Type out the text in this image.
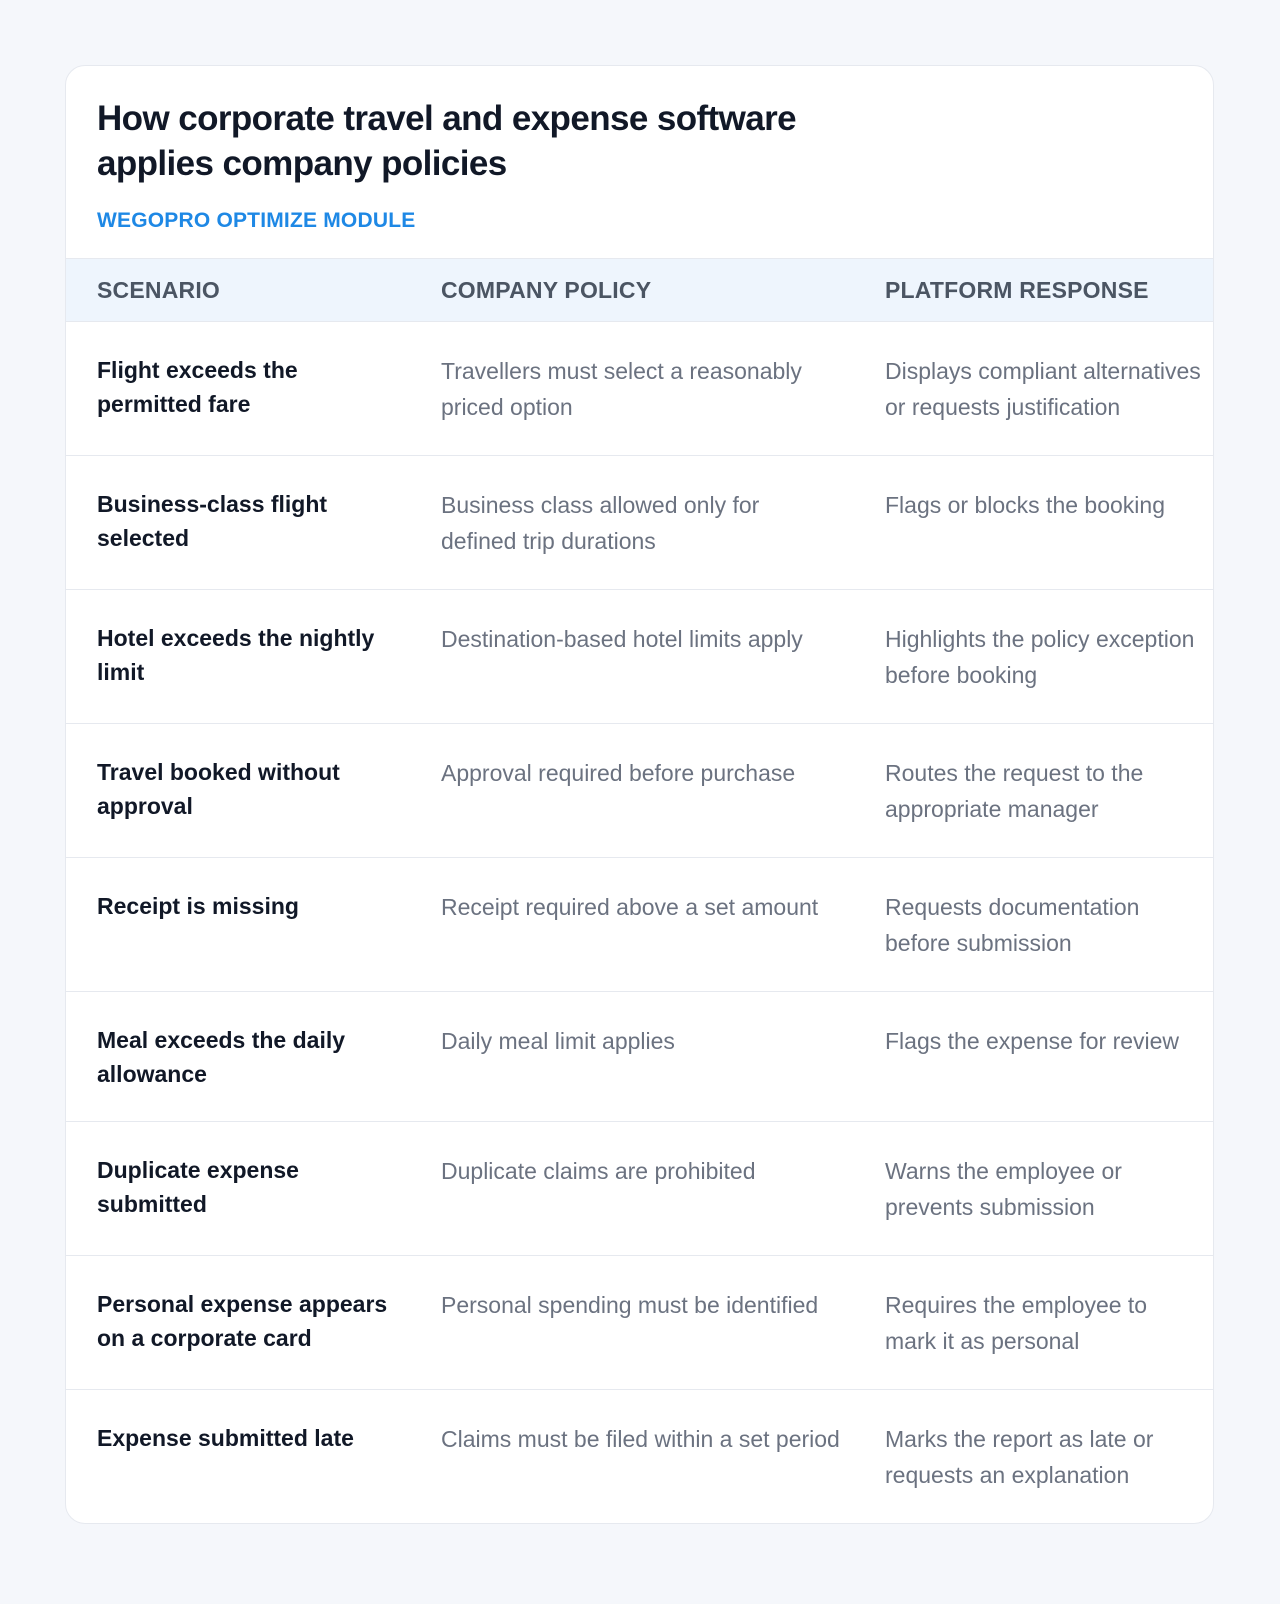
How corporate travel and expense software applies company policies
WEGOPRO OPTIMIZE MODULE
SCENARIO	COMPANY POLICY	PLATFORM RESPONSE
Flight exceeds the permitted fare	Travellers must select a reasonably priced option	Displays compliant alternatives or requests justification
Business-class flight selected	Business class allowed only for defined trip durations	Flags or blocks the booking
Hotel exceeds the nightly limit	Destination-based hotel limits apply	Highlights the policy exception before booking
Travel booked without approval	Approval required before purchase	Routes the request to the appropriate manager
Receipt is missing	Receipt required above a set amount	Requests documentation before submission
Meal exceeds the daily allowance	Daily meal limit applies	Flags the expense for review
Duplicate expense submitted	Duplicate claims are prohibited	Warns the employee or prevents submission
Personal expense appears on a corporate card	Personal spending must be identified	Requires the employee to mark it as personal
Expense submitted late	Claims must be filed within a set period	Marks the report as late or requests an explanation
